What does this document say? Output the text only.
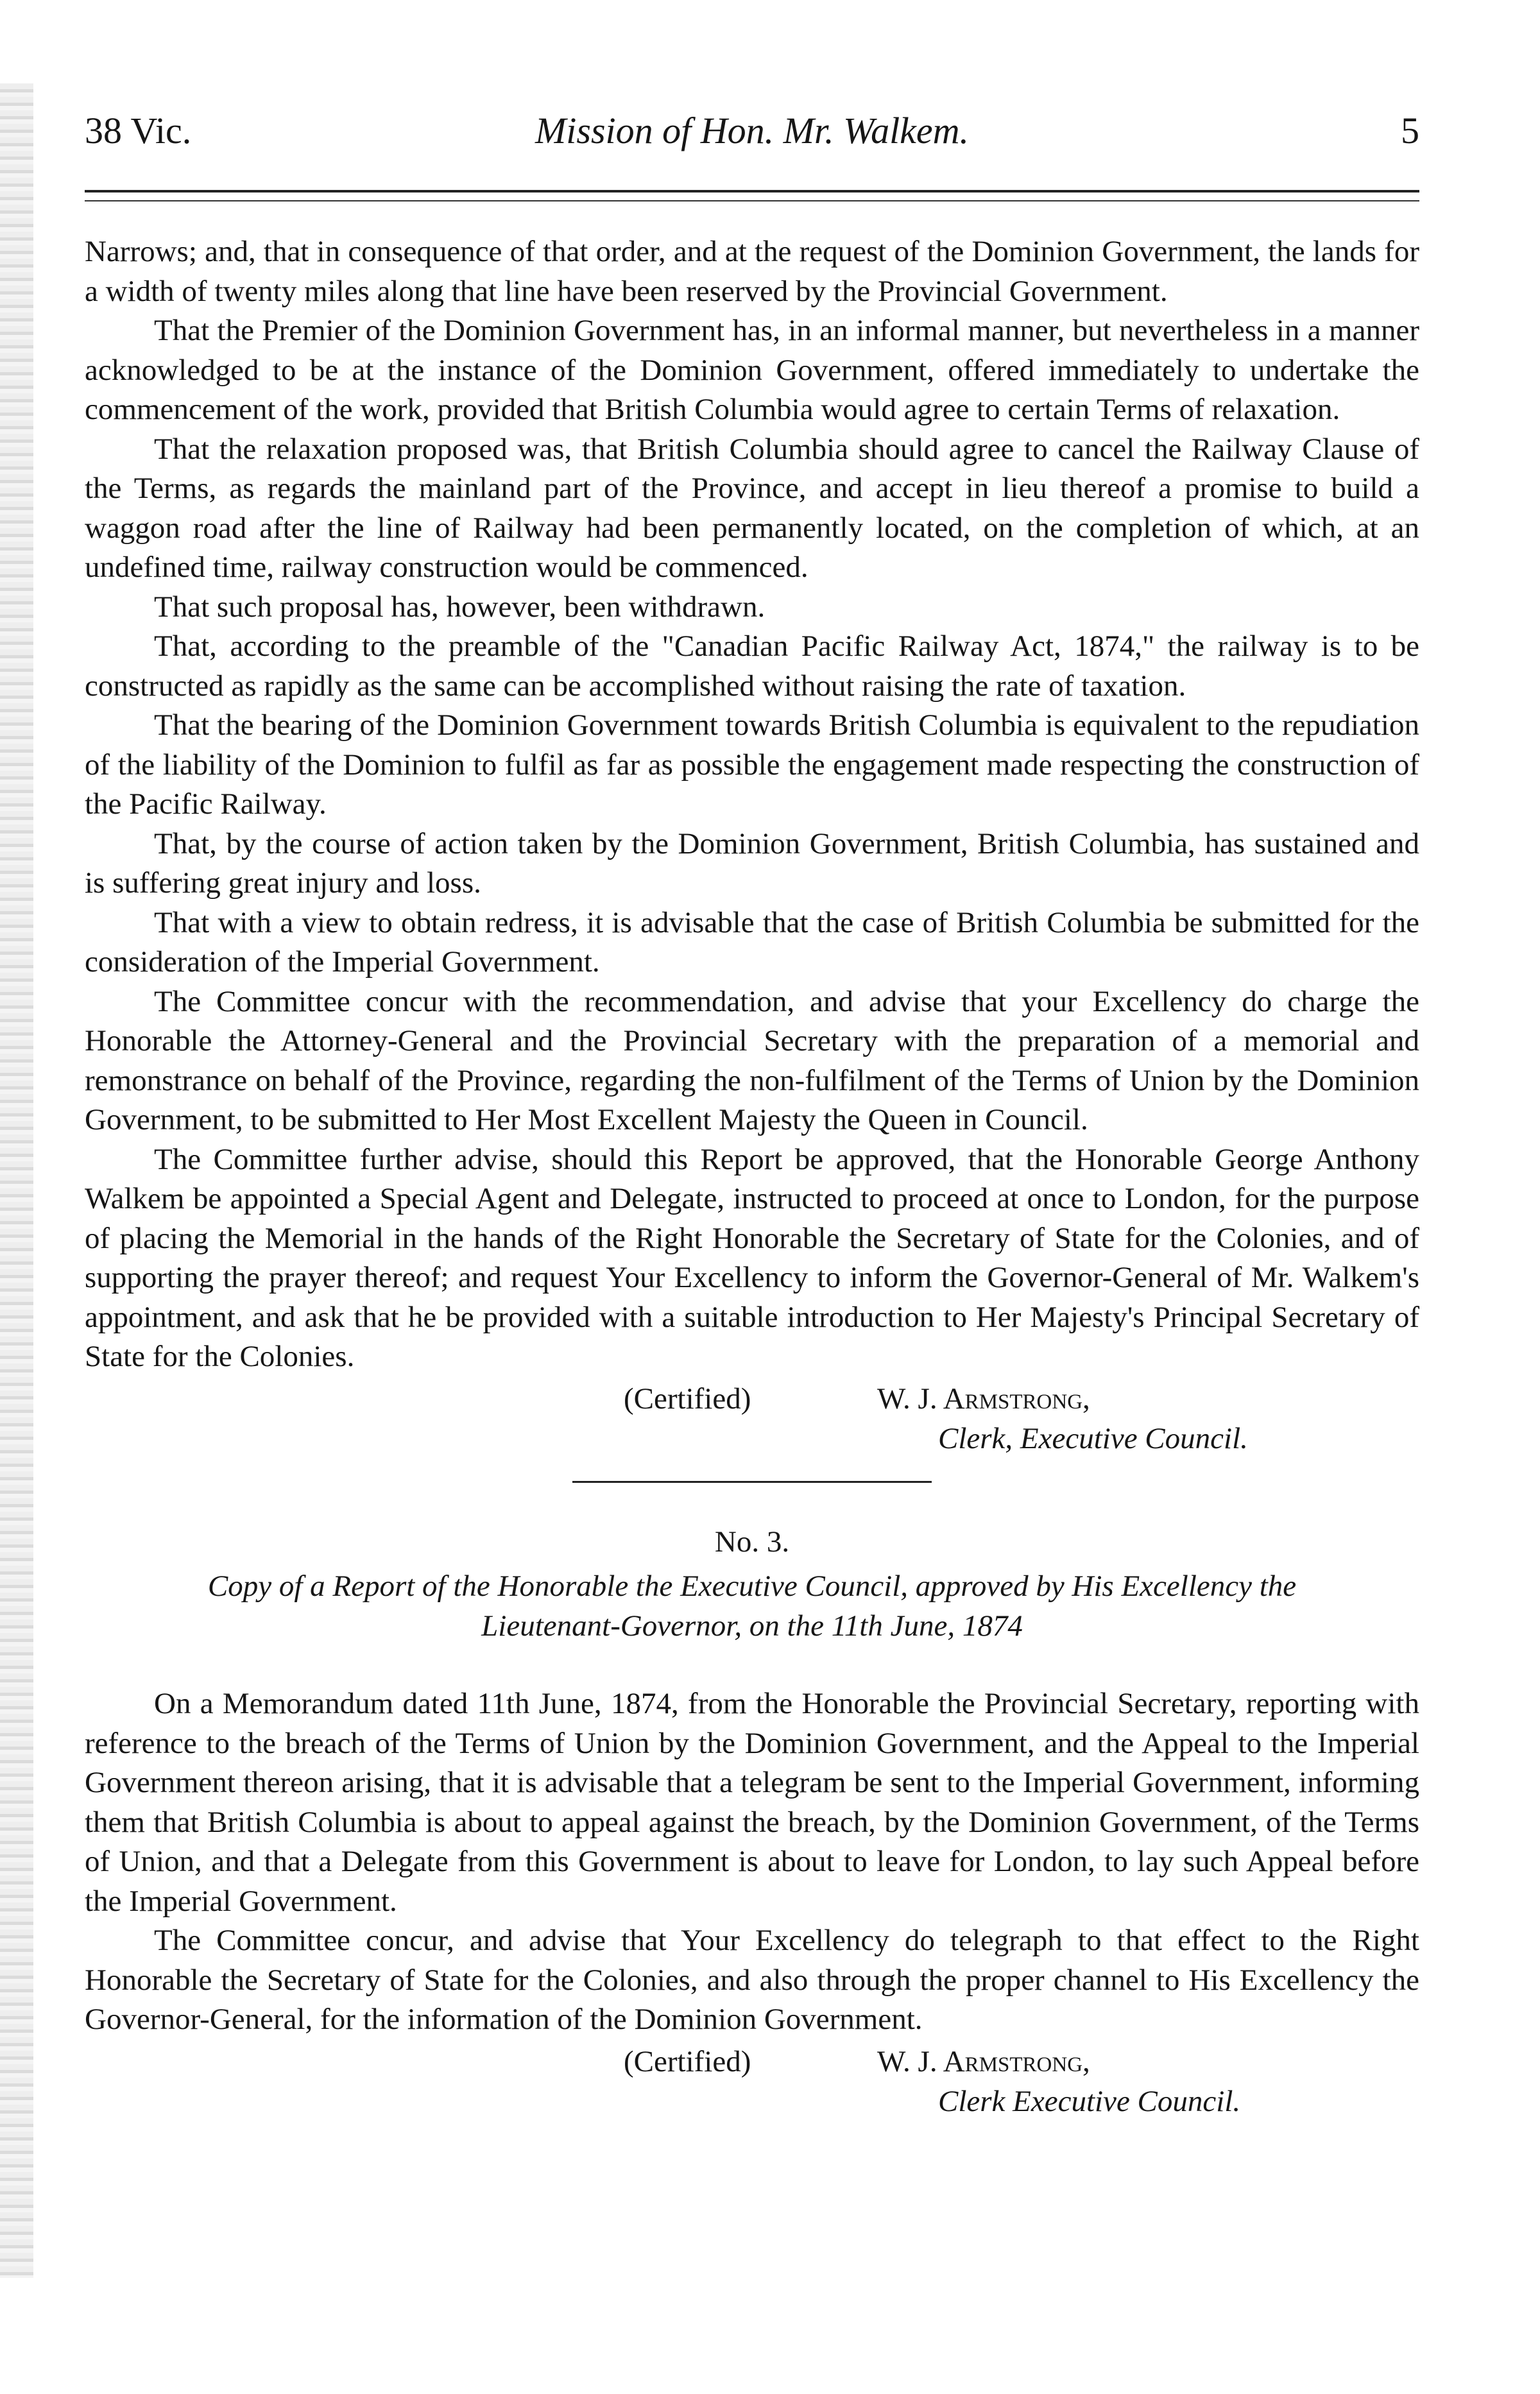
38 Vic.	Mission of Hon. Mr. Walkem.	5

Narrows; and, that in consequence of that order, and at the request of the Dominion Government, the lands for a width of twenty miles along that line have been reserved by the Provincial Government.

That the Premier of the Dominion Government has, in an informal manner, but nevertheless in a manner acknowledged to be at the instance of the Dominion Government, offered immediately to undertake the commencement of the work, provided that British Columbia would agree to certain Terms of relaxation.

That the relaxation proposed was, that British Columbia should agree to cancel the Railway Clause of the Terms, as regards the mainland part of the Province, and accept in lieu thereof a promise to build a waggon road after the line of Railway had been permanently located, on the completion of which, at an undefined time, railway construction would be commenced.

That such proposal has, however, been withdrawn.

That, according to the preamble of the "Canadian Pacific Railway Act, 1874," the railway is to be constructed as rapidly as the same can be accomplished without raising the rate of taxation.

That the bearing of the Dominion Government towards British Columbia is equivalent to the repudiation of the liability of the Dominion to fulfil as far as possible the engagement made respecting the construction of the Pacific Railway.

That, by the course of action taken by the Dominion Government, British Columbia, has sustained and is suffering great injury and loss.

That with a view to obtain redress, it is advisable that the case of British Columbia be submitted for the consideration of the Imperial Government.

The Committee concur with the recommendation, and advise that your Excellency do charge the Honorable the Attorney-General and the Provincial Secretary with the preparation of a memorial and remonstrance on behalf of the Province, regarding the non-fulfilment of the Terms of Union by the Dominion Government, to be submitted to Her Most Excellent Majesty the Queen in Council.

The Committee further advise, should this Report be approved, that the Honorable George Anthony Walkem be appointed a Special Agent and Delegate, instructed to proceed at once to London, for the purpose of placing the Memorial in the hands of the Right Honorable the Secretary of State for the Colonies, and of supporting the prayer thereof; and request Your Excellency to inform the Governor-General of Mr. Walkem's appointment, and ask that he be provided with a suitable introduction to Her Majesty's Principal Secretary of State for the Colonies.

(Certified)	W. J. Armstrong,
Clerk, Executive Council.
No. 3.
Copy of a Report of the Honorable the Executive Council, approved by His Excellency the Lieutenant-Governor, on the 11th June, 1874

On a Memorandum dated 11th June, 1874, from the Honorable the Provincial Secretary, reporting with reference to the breach of the Terms of Union by the Dominion Government, and the Appeal to the Imperial Government thereon arising, that it is advisable that a telegram be sent to the Imperial Government, informing them that British Columbia is about to appeal against the breach, by the Dominion Government, of the Terms of Union, and that a Delegate from this Government is about to leave for London, to lay such Appeal before the Imperial Government.

The Committee concur, and advise that Your Excellency do telegraph to that effect to the Right Honorable the Secretary of State for the Colonies, and also through the proper channel to His Excellency the Governor-General, for the information of the Dominion Government.

(Certified)	W. J. Armstrong,
Clerk Executive Council.
